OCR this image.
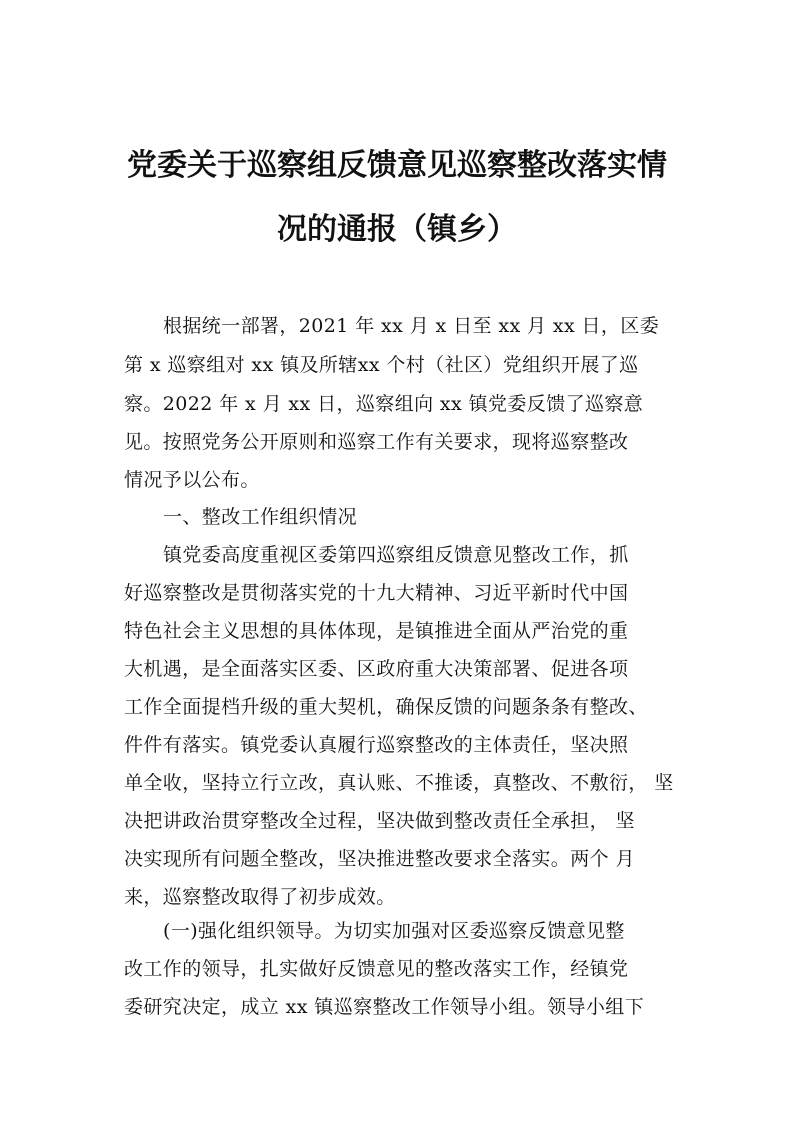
党委关于巡察组反馈意见巡察整改落实情
况的通报（镇乡）

根据统一部署，2021 年 xx 月 x 日至 xx 月 xx 日，区委

第 x 巡察组对 xx 镇及所辖xx 个村（社区）党组织开展了巡

察。2022 年 x 月 xx 日，巡察组向 xx 镇党委反馈了巡察意

见。按照党务公开原则和巡察工作有关要求，现将巡察整改

情况予以公布。

一、整改工作组织情况

镇党委高度重视区委第四巡察组反馈意见整改工作，抓

好巡察整改是贯彻落实党的十九大精神、习近平新时代中国

特色社会主义思想的具体体现，是镇推进全面从严治党的重

大机遇，是全面落实区委、区政府重大决策部署、促进各项

工作全面提档升级的重大契机，确保反馈的问题条条有整改、

件件有落实。镇党委认真履行巡察整改的主体责任，坚决照

单全收，坚持立行立改，真认账、不推诿，真整改、不敷衍， 坚

决把讲政治贯穿整改全过程，坚决做到整改责任全承担， 坚

决实现所有问题全整改，坚决推进整改要求全落实。两个 月

来，巡察整改取得了初步成效。

(一)强化组织领导。为切实加强对区委巡察反馈意见整

改工作的领导，扎实做好反馈意见的整改落实工作，经镇党

委研究决定，成立 xx 镇巡察整改工作领导小组。领导小组下
